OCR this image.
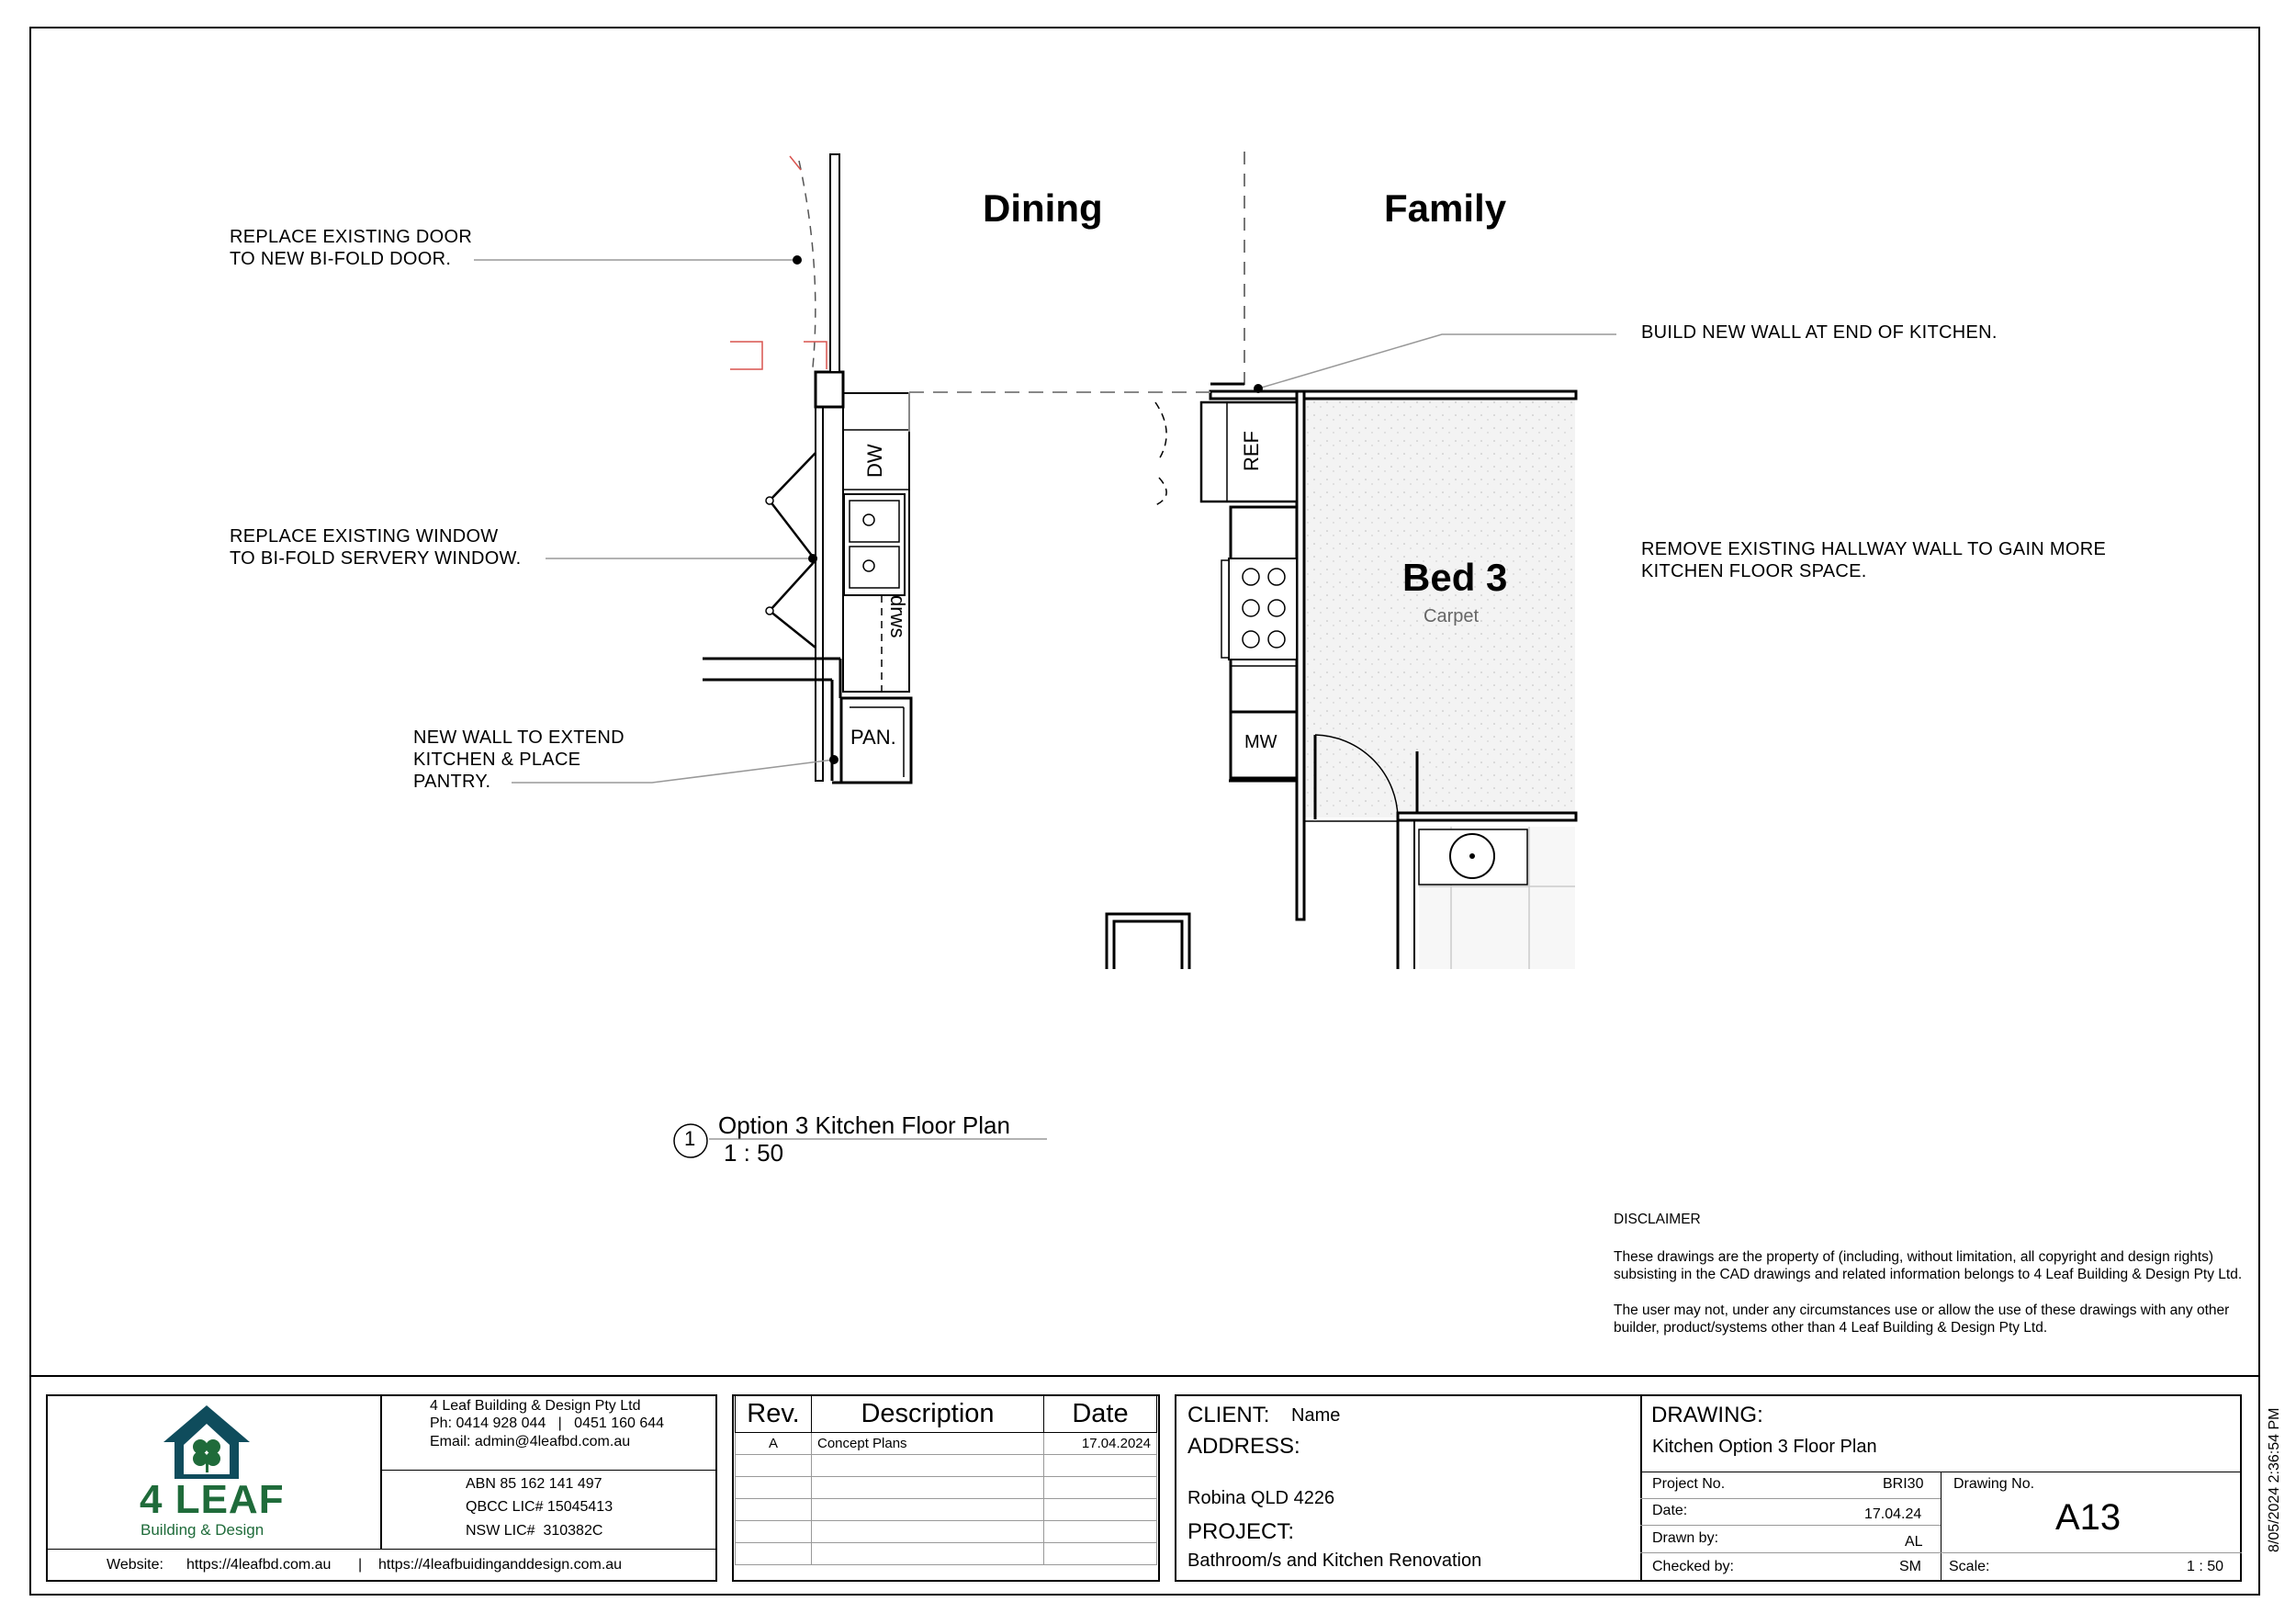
Dining	Family
Bed 3
Carpet
DW	REF
drws
PAN.	MW
REPLACE EXISTING DOOR
TO NEW BI-FOLD DOOR.
REPLACE EXISTING WINDOW
TO BI-FOLD SERVERY WINDOW.
NEW WALL TO EXTEND
KITCHEN & PLACE
PANTRY.
BUILD NEW WALL AT END OF KITCHEN.
REMOVE EXISTING HALLWAY WALL TO GAIN MORE
KITCHEN FLOOR SPACE.
1 Option 3 Kitchen Floor Plan
1 : 50

DISCLAIMER

These drawings are the property of (including, without limitation, all copyright and design rights) subsisting in the CAD drawings and related information belongs to 4 Leaf Building & Design Pty Ltd.

The user may not, under any circumstances use or allow the use of these drawings with any other builder, product/systems other than 4 Leaf Building & Design Pty Ltd.

4 LEAF
Building & Design
4 Leaf Building & Design Pty Ltd
Ph: 0414 928 044   |   0451 160 644
Email: admin@4leafbd.com.au
ABN 85 162 141 497
QBCC LIC# 15045413
NSW LIC#  310382C
Website: https://4leafbd.com.au | https://4leafbuidinganddesign.com.au
Rev.	Description	Date
A	Concept Plans	17.04.2024

CLIENT: Name
ADDRESS:
Robina QLD 4226
PROJECT:
Bathroom/s and Kitchen Renovation
DRAWING:
Kitchen Option 3 Floor Plan
Project No.	BRI30
Date:	17.04.24
Drawn by:	AL
Checked by:	SM
Drawing No.
A13
Scale:	1 : 50
8/05/2024 2:36:54 PM
